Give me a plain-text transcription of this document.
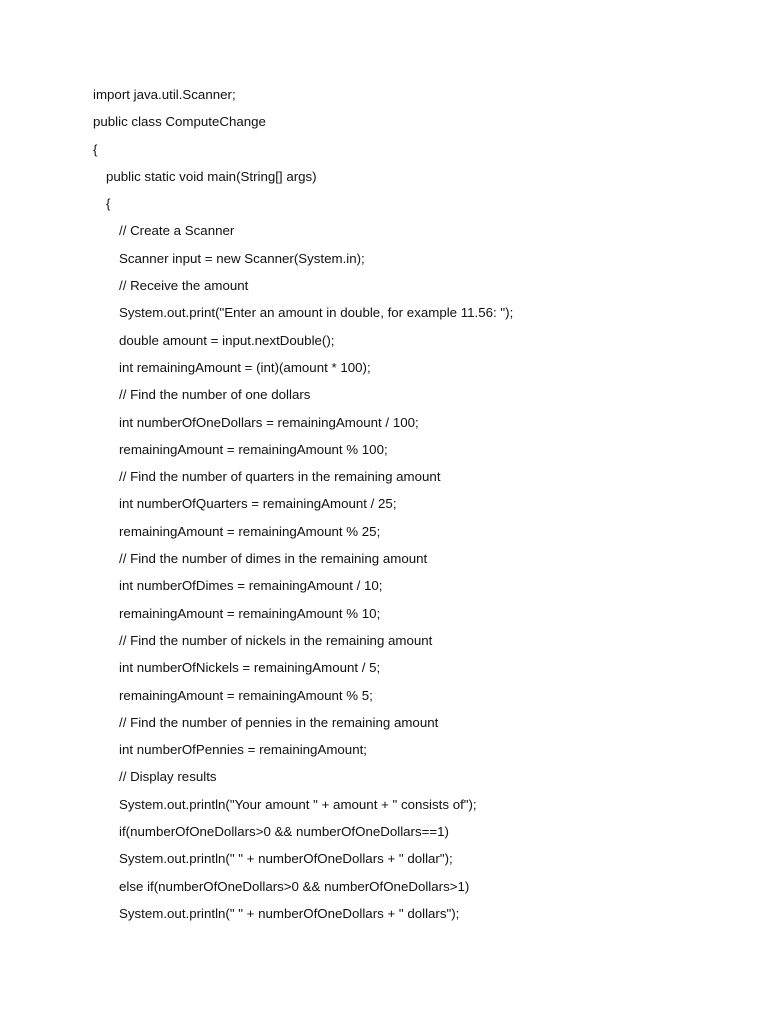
import java.util.Scanner;
public class ComputeChange
{
public static void main(String[] args)
{
// Create a Scanner
Scanner input = new Scanner(System.in);
// Receive the amount
System.out.print("Enter an amount in double, for example 11.56: ");
double amount = input.nextDouble();
int remainingAmount = (int)(amount * 100);
// Find the number of one dollars
int numberOfOneDollars = remainingAmount / 100;
remainingAmount = remainingAmount % 100;
// Find the number of quarters in the remaining amount
int numberOfQuarters = remainingAmount / 25;
remainingAmount = remainingAmount % 25;
// Find the number of dimes in the remaining amount
int numberOfDimes = remainingAmount / 10;
remainingAmount = remainingAmount % 10;
// Find the number of nickels in the remaining amount
int numberOfNickels = remainingAmount / 5;
remainingAmount = remainingAmount % 5;
// Find the number of pennies in the remaining amount
int numberOfPennies = remainingAmount;
// Display results
System.out.println("Your amount " + amount + " consists of");
if(numberOfOneDollars>0 && numberOfOneDollars==1)
System.out.println(" " + numberOfOneDollars + " dollar");
else if(numberOfOneDollars>0 && numberOfOneDollars>1)
System.out.println(" " + numberOfOneDollars + " dollars");
